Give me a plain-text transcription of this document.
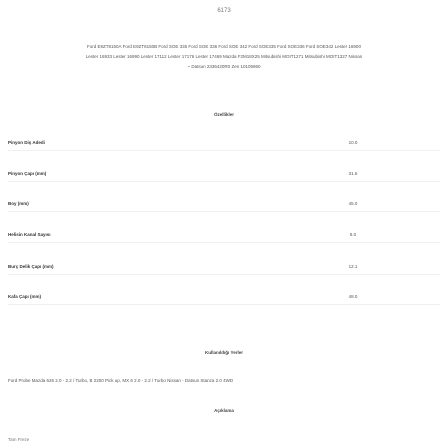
6173
Ford E9ZT8150A Ford E9ZT8150B Ford SOE 335 Ford SOE 336 Ford SOE 342 Ford SOE335 Ford SOE336 Ford SOE342 Lester 16900
Lester 16933 Lester 16990 Lester 17112 Lester 17176 Lester 17469 Mazda F2M18X25 Mitsubishi MOIT1271 Mitsubishi MOIT1327 Nissan
~ Datsun 2336420R0 Zen 10105960
Özellikler
Pinyon Diş Adedi	10.0
Pinyon Çapı (mm)	31.6
Boy (mm)	45.0
Helisin Kanal Sayısı	8.0
Burç Delik Çapı (mm)	12.1
Kafa Çapı (mm)	48.0
Kullanıldığı Yerler
Ford Probe Mazda 626 2.0 - 2.2 / Turbo, B 2200 Pick up, MX 6 2.0 - 2.2 / Turbo Nissan - Datsun Stanza 2.0 4WD
Açıklama
Tam Freze
